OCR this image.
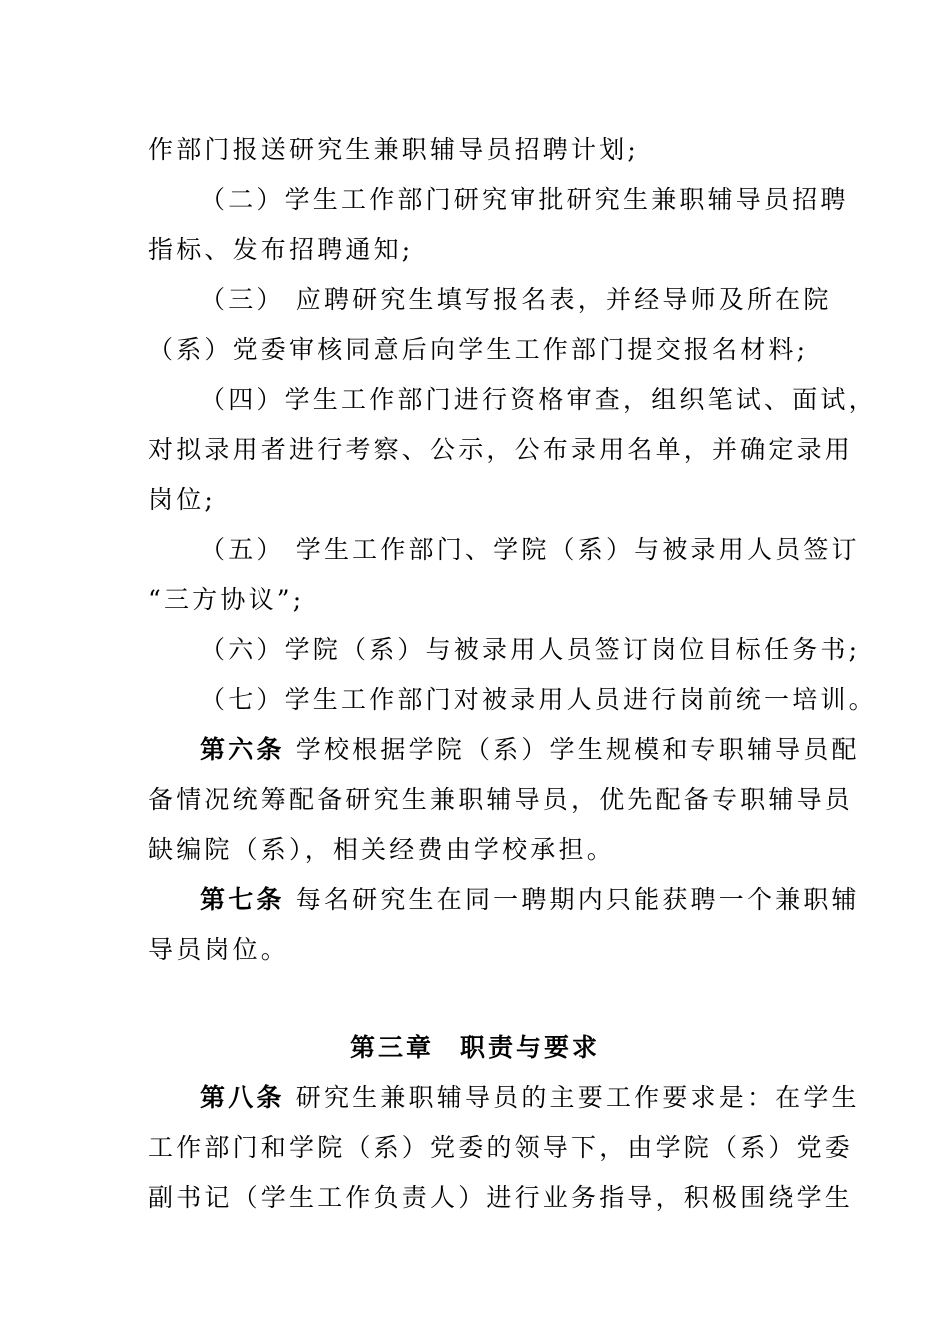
作部门报送研究生兼职辅导员招聘计划;
（二）学生工作部门研究审批研究生兼职辅导员招聘
指标、发布招聘通知;
（三） 应聘研究生填写报名表，并经导师及所在院
（系）党委审核同意后向学生工作部门提交报名材料;
（四）学生工作部门进行资格审查，组织笔试、面试，
对拟录用者进行考察、公示，公布录用名单，并确定录用
岗位;
（五） 学生工作部门、学院（系）与被录用人员签订
“三方协议”;
（六）学院（系）与被录用人员签订岗位目标任务书;
（七）学生工作部门对被录用人员进行岗前统一培训。
第六条 学校根据学院（系）学生规模和专职辅导员配
备情况统筹配备研究生兼职辅导员，优先配备专职辅导员
缺编院（系），相关经费由学校承担。
第七条 每名研究生在同一聘期内只能获聘一个兼职辅
导员岗位。
第三章 职责与要求
第八条 研究生兼职辅导员的主要工作要求是：在学生
工作部门和学院（系）党委的领导下，由学院（系）党委
副书记（学生工作负责人）进行业务指导，积极围绕学生
